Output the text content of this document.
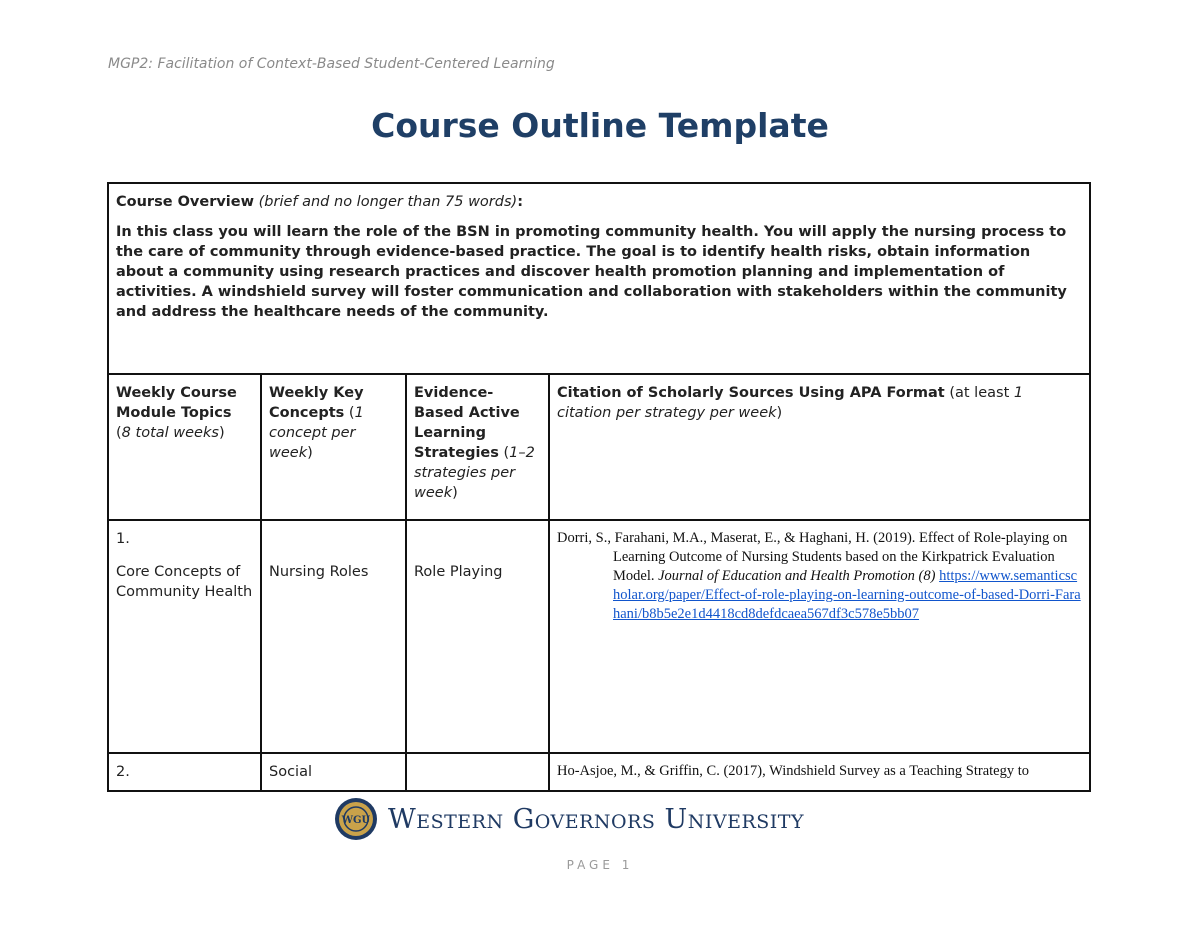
MGP2: Facilitation of Context-Based Student-Centered Learning
Course Outline Template
Course Overview (brief and no longer than 75 words):
In this class you will learn the role of the BSN in promoting community health. You will apply the nursing process to the care of community through evidence-based practice. The goal is to identify health risks, obtain information about a community using research practices and discover health promotion planning and implementation of activities. A windshield survey will foster communication and collaboration with stakeholders within the community and address the healthcare needs of the community.			

Weekly Course Module Topics
(8 total weeks)	Weekly Key Concepts (1 concept per week)	Evidence-Based Active Learning Strategies (1–2 strategies per week)	Citation of Scholarly Sources Using APA Format (at least 1 citation per strategy per week)

1.
Core Concepts of Community Health	Nursing Roles	Role Playing	Dorri, S., Farahani, M.A., Maserat, E., & Haghani, H. (2019). Effect of Role-playing on Learning Outcome of Nursing Students based on the Kirkpatrick Evaluation Model. Journal of Education and Health Promotion (8) https://www.semanticscholar.org/paper/Effect-of-role-playing-on-learning-outcome-of-based-Dorri-Farahani/b8b5e2e1d4418cd8defdcaea567df3c578e5bb07

2.	Social		Ho-Asjoe, M., & Griffin, C. (2017), Windshield Survey as a Teaching Strategy to
WGU Western Governors University
PAGE 1
